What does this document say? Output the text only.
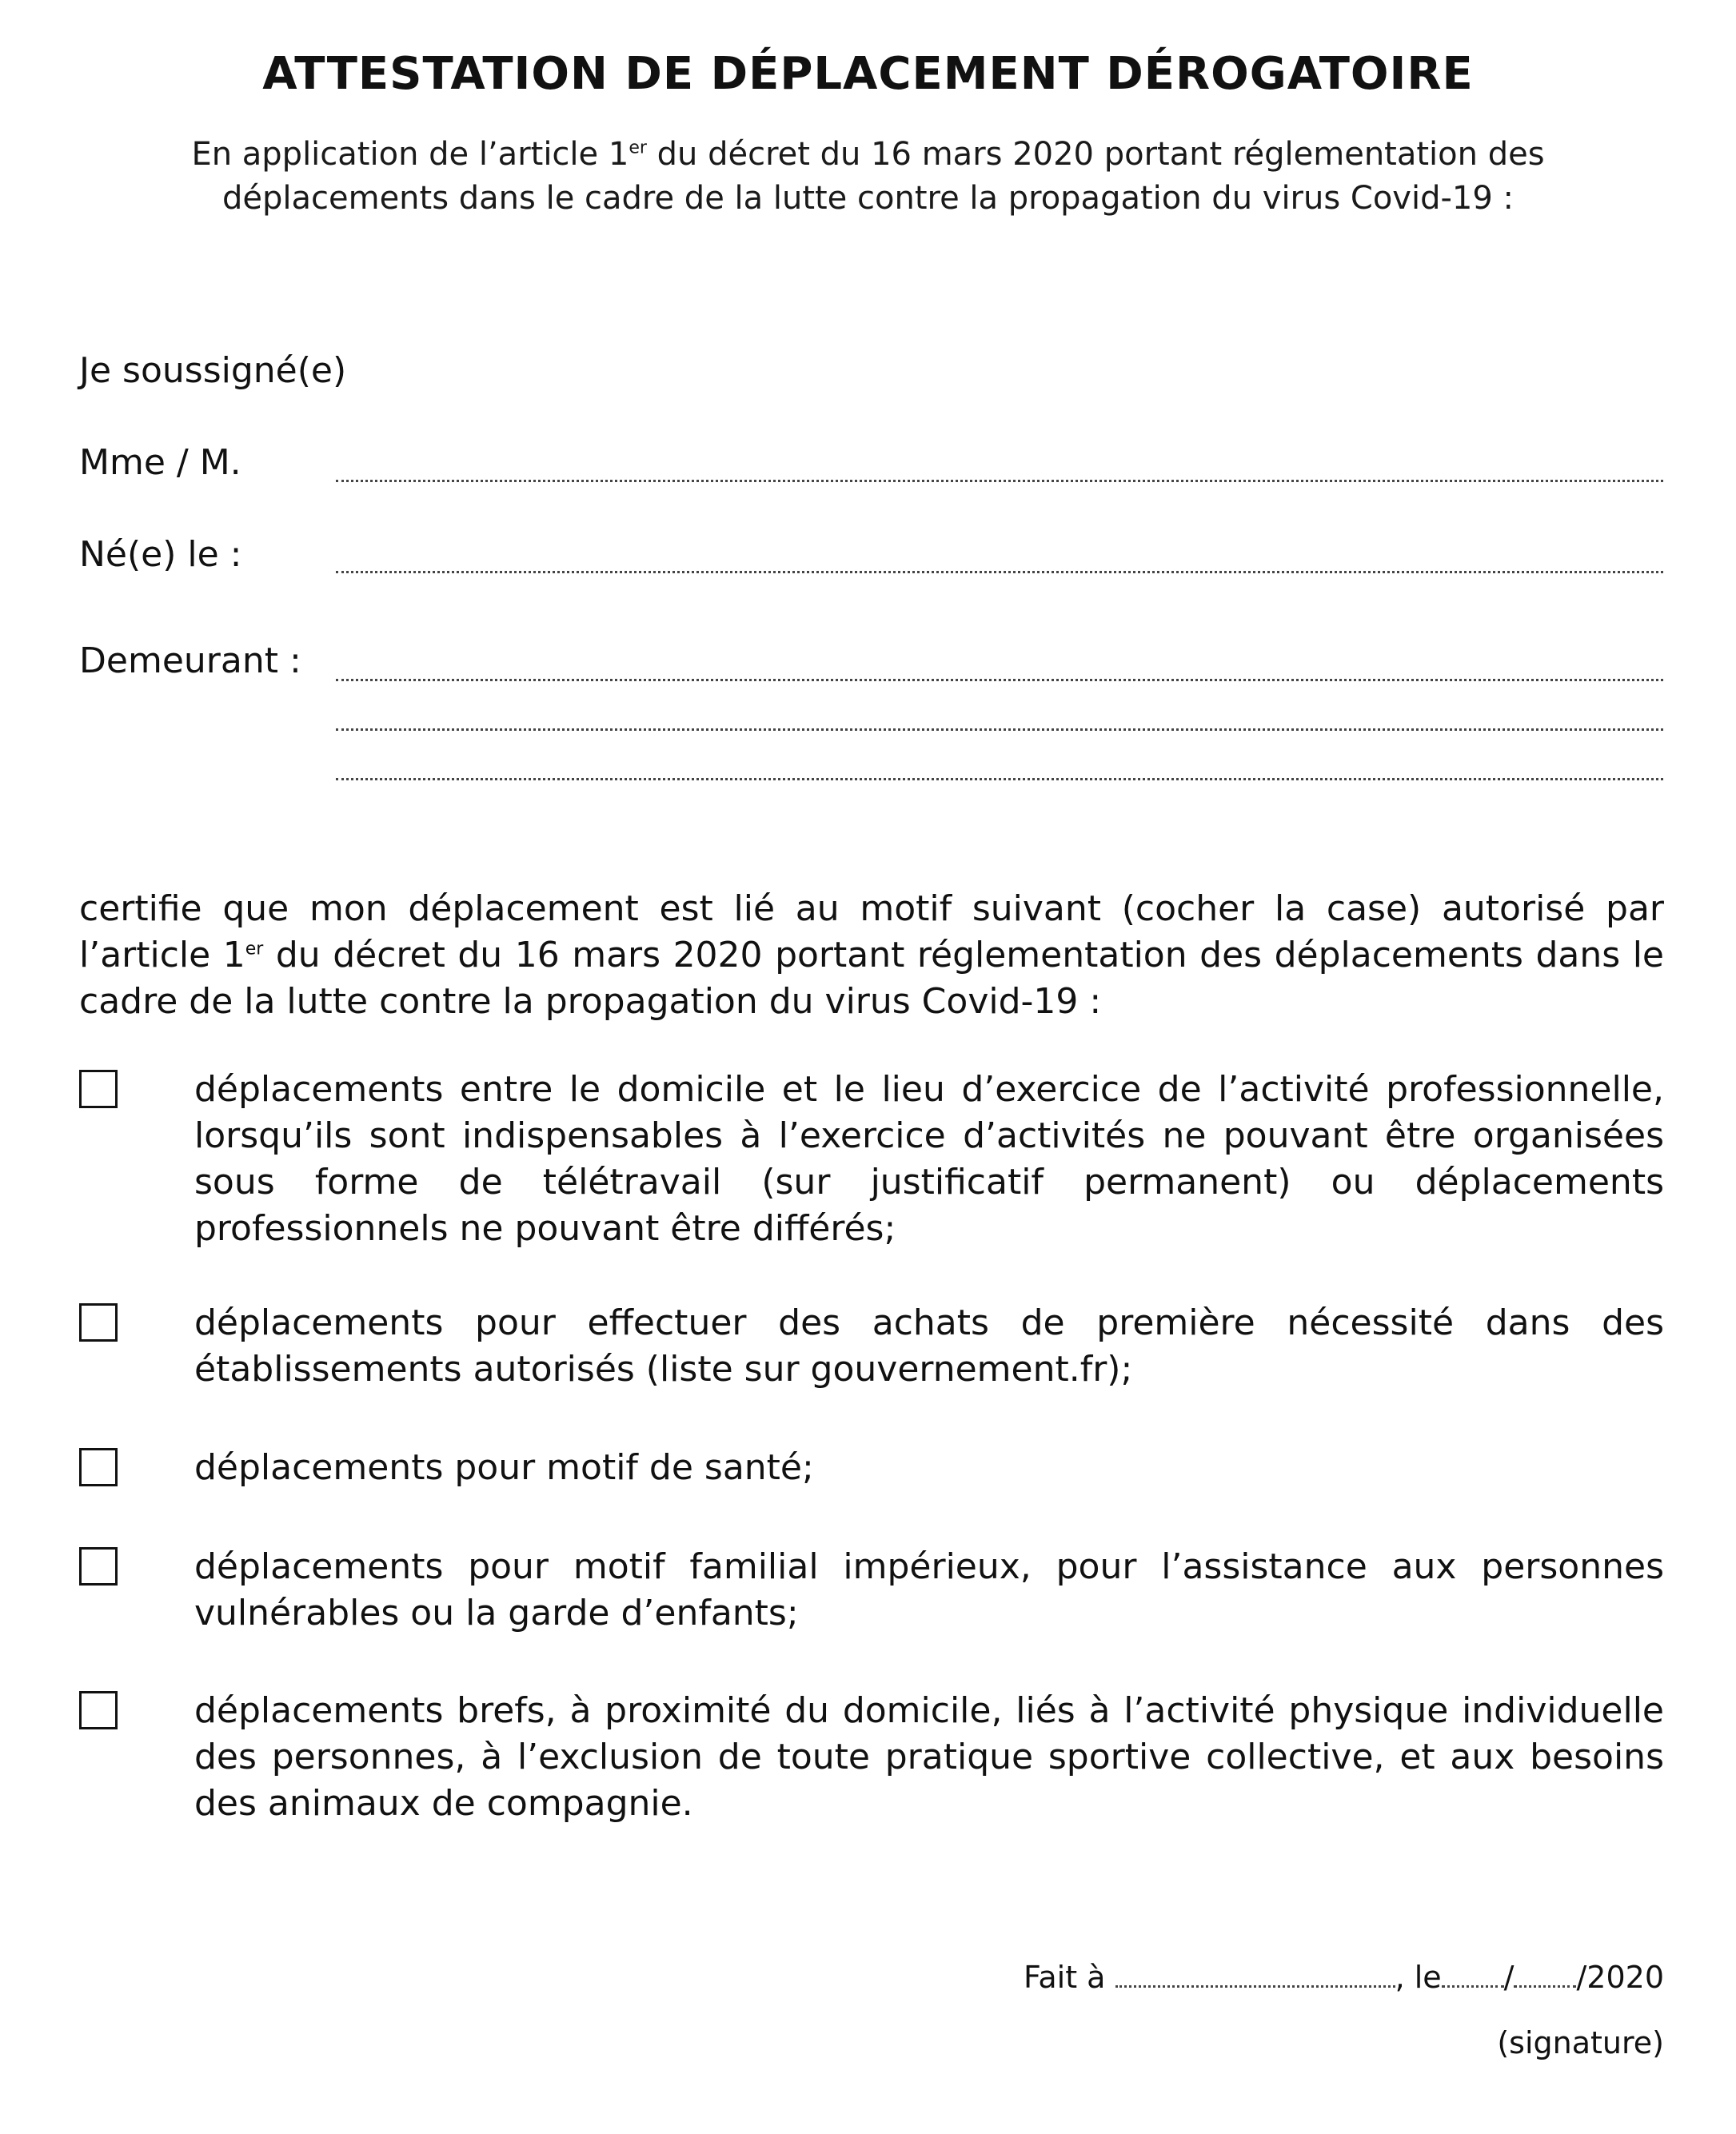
ATTESTATION DE DÉPLACEMENT DÉROGATOIRE
En application de l’article 1er du décret du 16 mars 2020 portant réglementation des déplacements dans le cadre de la lutte contre la propagation du virus Covid-19 :
Je soussigné(e)
Mme / M.
Né(e) le :
Demeurant :
certifie que mon déplacement est lié au motif suivant (cocher la case) autorisé par l’article 1er du décret du 16 mars 2020 portant réglementation des déplacements dans le cadre de la lutte contre la propagation du virus Covid-19 :
déplacements entre le domicile et le lieu d’exercice de l’activité professionnelle, lorsqu’ils sont indispensables à l’exercice d’activités ne pouvant être organisées sous forme de télétravail (sur justificatif permanent) ou déplacements professionnels ne pouvant être différés;
déplacements pour effectuer des achats de première nécessité dans des établissements autorisés (liste sur gouvernement.fr);
déplacements pour motif de santé;
déplacements pour motif familial impérieux, pour l’assistance aux personnes vulnérables ou la garde d’enfants;
déplacements brefs, à proximité du domicile, liés à l’activité physique individuelle des personnes, à l’exclusion de toute pratique sportive collective, et aux besoins des animaux de compagnie.
Fait à	, le / /2020
(signature)
